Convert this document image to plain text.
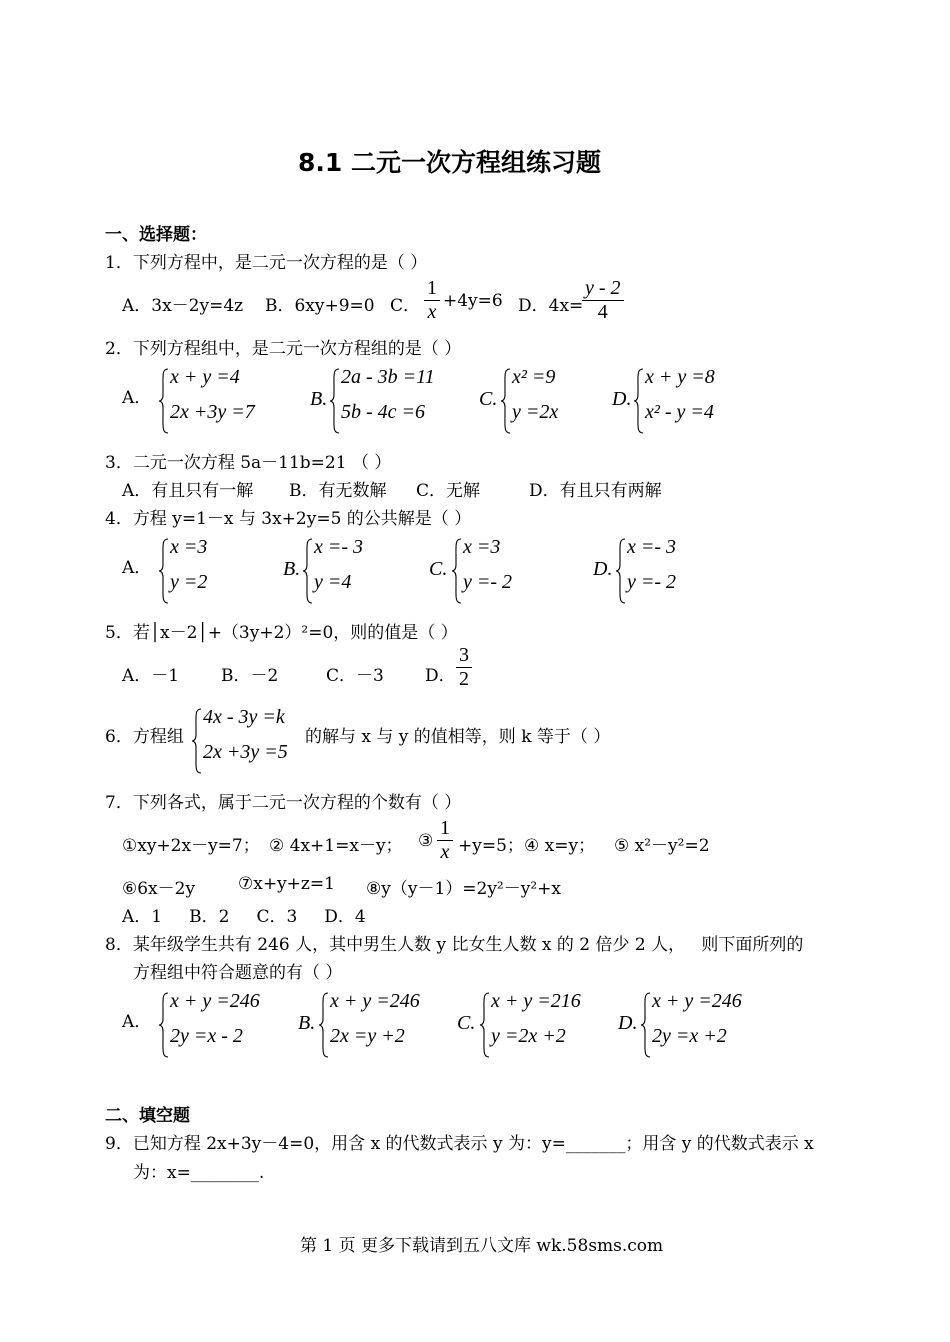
8.1 二元一次方程组练习题
一、选择题：
1．下列方程中，是二元一次方程的是（ ）
A．3x－2y=4z B．6xy+9=0 C． $\frac{1}{x} +4y=6$ D．4x=
$\frac{y - 2}{4}$
2．下列方程组中，是二元一次方程组的是（ ）
A．
x + y =4
2x +3y =7
B.
2a - 3b =11
5b - 4c =6
C.
x² =9
y =2x
D.
x + y =8
x² - y =4
3．二元一次方程 5a－11b=21 （ ）
A．有且只有一解 B．有无数解 C．无解	D．有且只有两解
4．方程 y=1－x 与 3x+2y=5 的公共解是（ ）
A．
x =3
y =2
B.
x =- 3
y =4
C.
x =3
y =- 2
D.
x =- 3
y =- 2
5．若│x－2│+（3y+2）²=0，则的值是（ ）
A．－1 B．－2	C．－3 D． $\frac{3}{2}$
6．方程组
4x - 3y =k
2x +3y =5
的解与 x 与 y 的值相等，则 k 等于（ ）
7．下列各式，属于二元一次方程的个数有（ ）
①xy+2x－y=7； ② 4x+1=x－y； ③ $\frac{1}{x} +y=5$； ④ x=y； ⑤ x²－y²=2
⑥6x－2y	⑦x+y+z=1 ⑧y（y－1）=2y²－y²+x
A．1     B．2     C．3     D．4
8．某年级学生共有 246 人，其中男生人数 y 比女生人数 x 的 2 倍少 2 人，   则下面所列的
方程组中符合题意的有（ ）
A．
x + y =246
2y =x - 2
B.
x + y =246
2x =y +2
C.
x + y =216
y =2x +2
D.
x + y =246
2y =x +2
二、填空题
9．已知方程 2x+3y－4=0，用含 x 的代数式表示 y 为：y=_______；用含 y 的代数式表示 x
为：x=________.
第 1 页 更多下载请到五八文库 wk.58sms.com
